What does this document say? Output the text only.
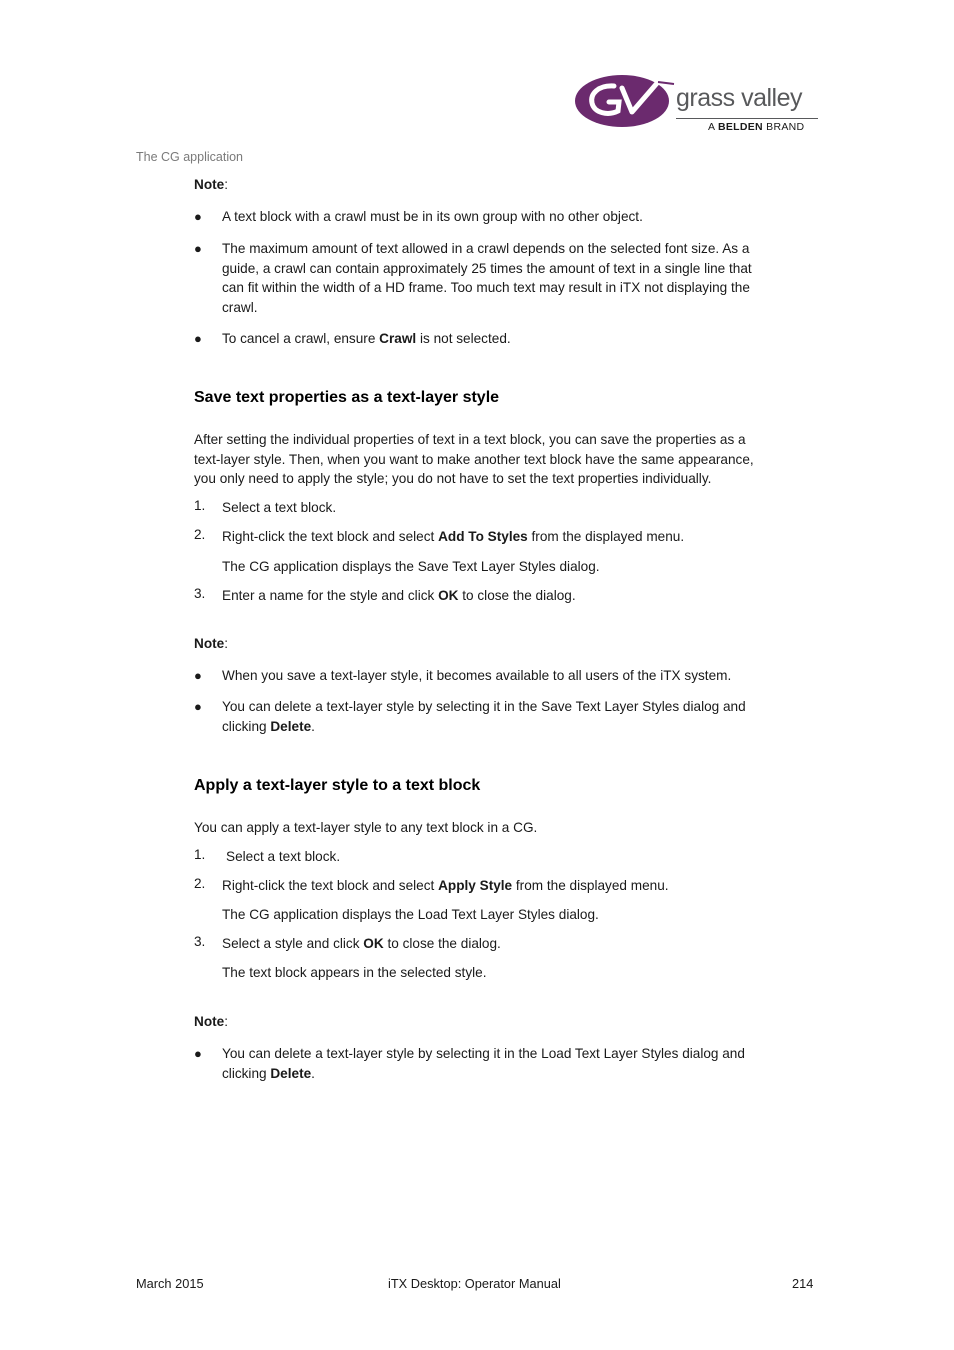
grass valley
A BELDEN BRAND
The CG application
Note:
● A text block with a crawl must be in its own group with no other object.
● The maximum amount of text allowed in a crawl depends on the selected font size. As a
guide, a crawl can contain approximately 25 times the amount of text in a single line that
can fit within the width of a HD frame. Too much text may result in iTX not displaying the
crawl.
● To cancel a crawl, ensure Crawl is not selected.
Save text properties as a text-layer style
After setting the individual properties of text in a text block, you can save the properties as a
text-layer style. Then, when you want to make another text block have the same appearance,
you only need to apply the style; you do not have to set the text properties individually.
1. Select a text block.
2. Right-click the text block and select Add To Styles from the displayed menu.
The CG application displays the Save Text Layer Styles dialog.
3. Enter a name for the style and click OK to close the dialog.
Note:
● When you save a text-layer style, it becomes available to all users of the iTX system.
● You can delete a text-layer style by selecting it in the Save Text Layer Styles dialog and
clicking Delete.
Apply a text-layer style to a text block
You can apply a text-layer style to any text block in a CG.
1. Select a text block.
2. Right-click the text block and select Apply Style from the displayed menu.
The CG application displays the Load Text Layer Styles dialog.
3. Select a style and click OK to close the dialog.
The text block appears in the selected style.
Note:
● You can delete a text-layer style by selecting it in the Load Text Layer Styles dialog and
clicking Delete.
March 2015	iTX Desktop: Operator Manual	214
